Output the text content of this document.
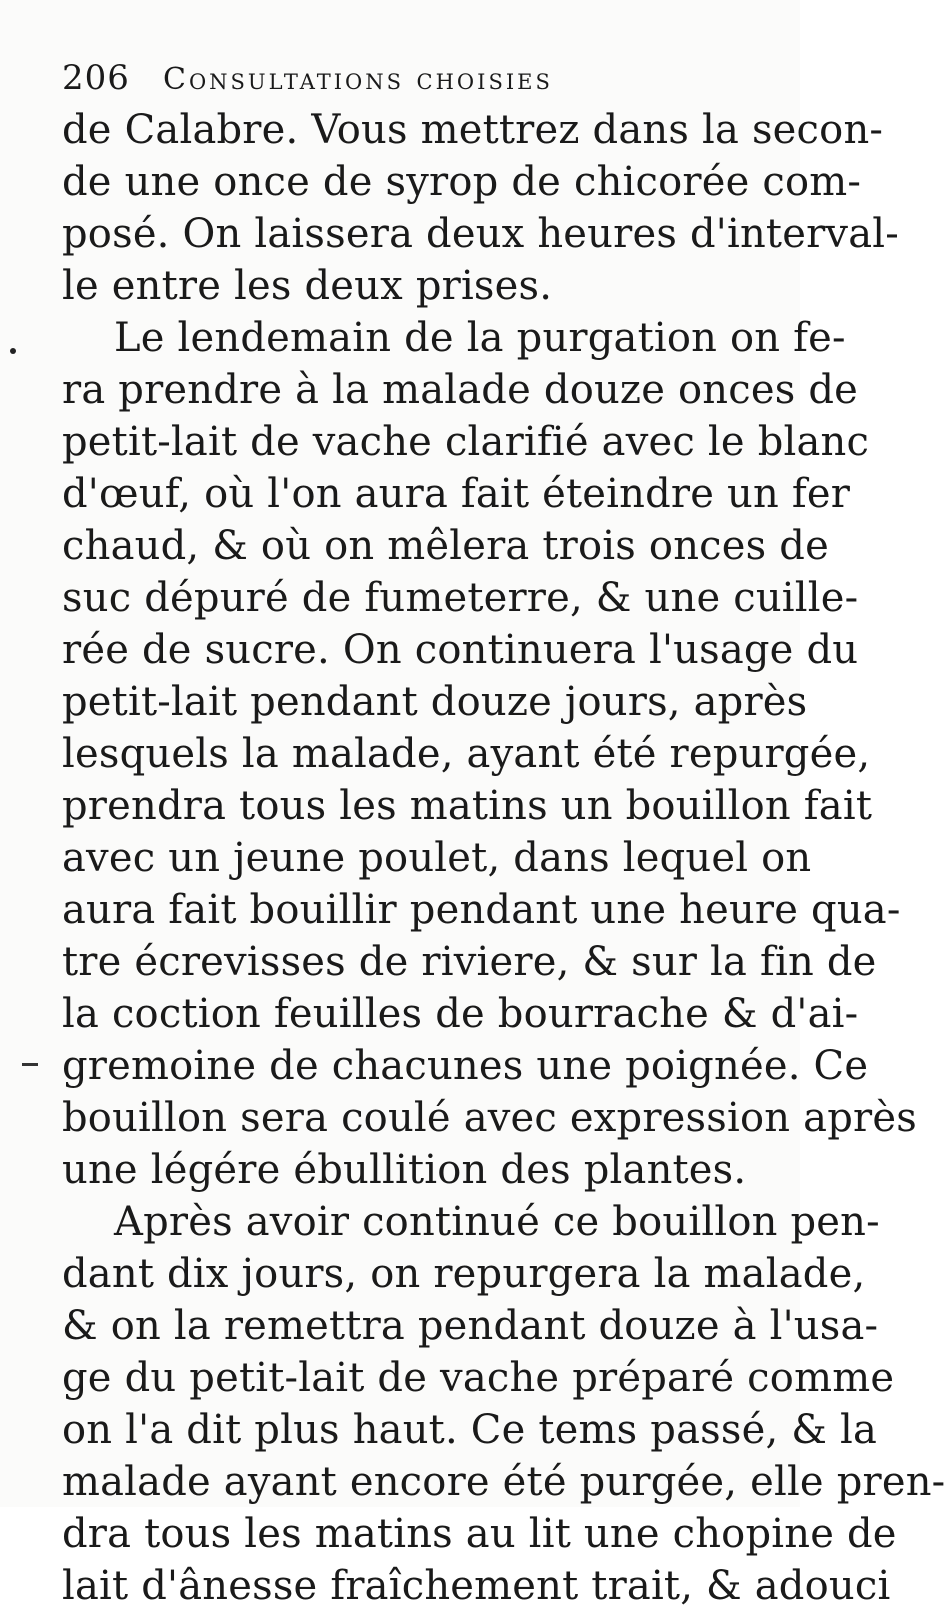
206 Consultations choisies
de Calabre. Vous mettrez dans la secon-
de une once de syrop de chicorée com-
posé. On laissera deux heures d'interval-
le entre les deux prises.
Le lendemain de la purgation on fe-
ra prendre à la malade douze onces de
petit-lait de vache clarifié avec le blanc
d'œuf, où l'on aura fait éteindre un fer
chaud, & où on mêlera trois onces de
suc dépuré de fumeterre, & une cuille-
rée de sucre. On continuera l'usage du
petit-lait pendant douze jours, après
lesquels la malade, ayant été repurgée,
prendra tous les matins un bouillon fait
avec un jeune poulet, dans lequel on
aura fait bouillir pendant une heure qua-
tre écrevisses de riviere, & sur la fin de
la coction feuilles de bourrache & d'ai-
gremoine de chacunes une poignée. Ce
bouillon sera coulé avec expression après
une légére ébullition des plantes.
Après avoir continué ce bouillon pen-
dant dix jours, on repurgera la malade,
& on la remettra pendant douze à l'usa-
ge du petit-lait de vache préparé comme
on l'a dit plus haut. Ce tems passé, & la
malade ayant encore été purgée, elle pren-
dra tous les matins au lit une chopine de
lait d'ânesse fraîchement trait, & adouci
